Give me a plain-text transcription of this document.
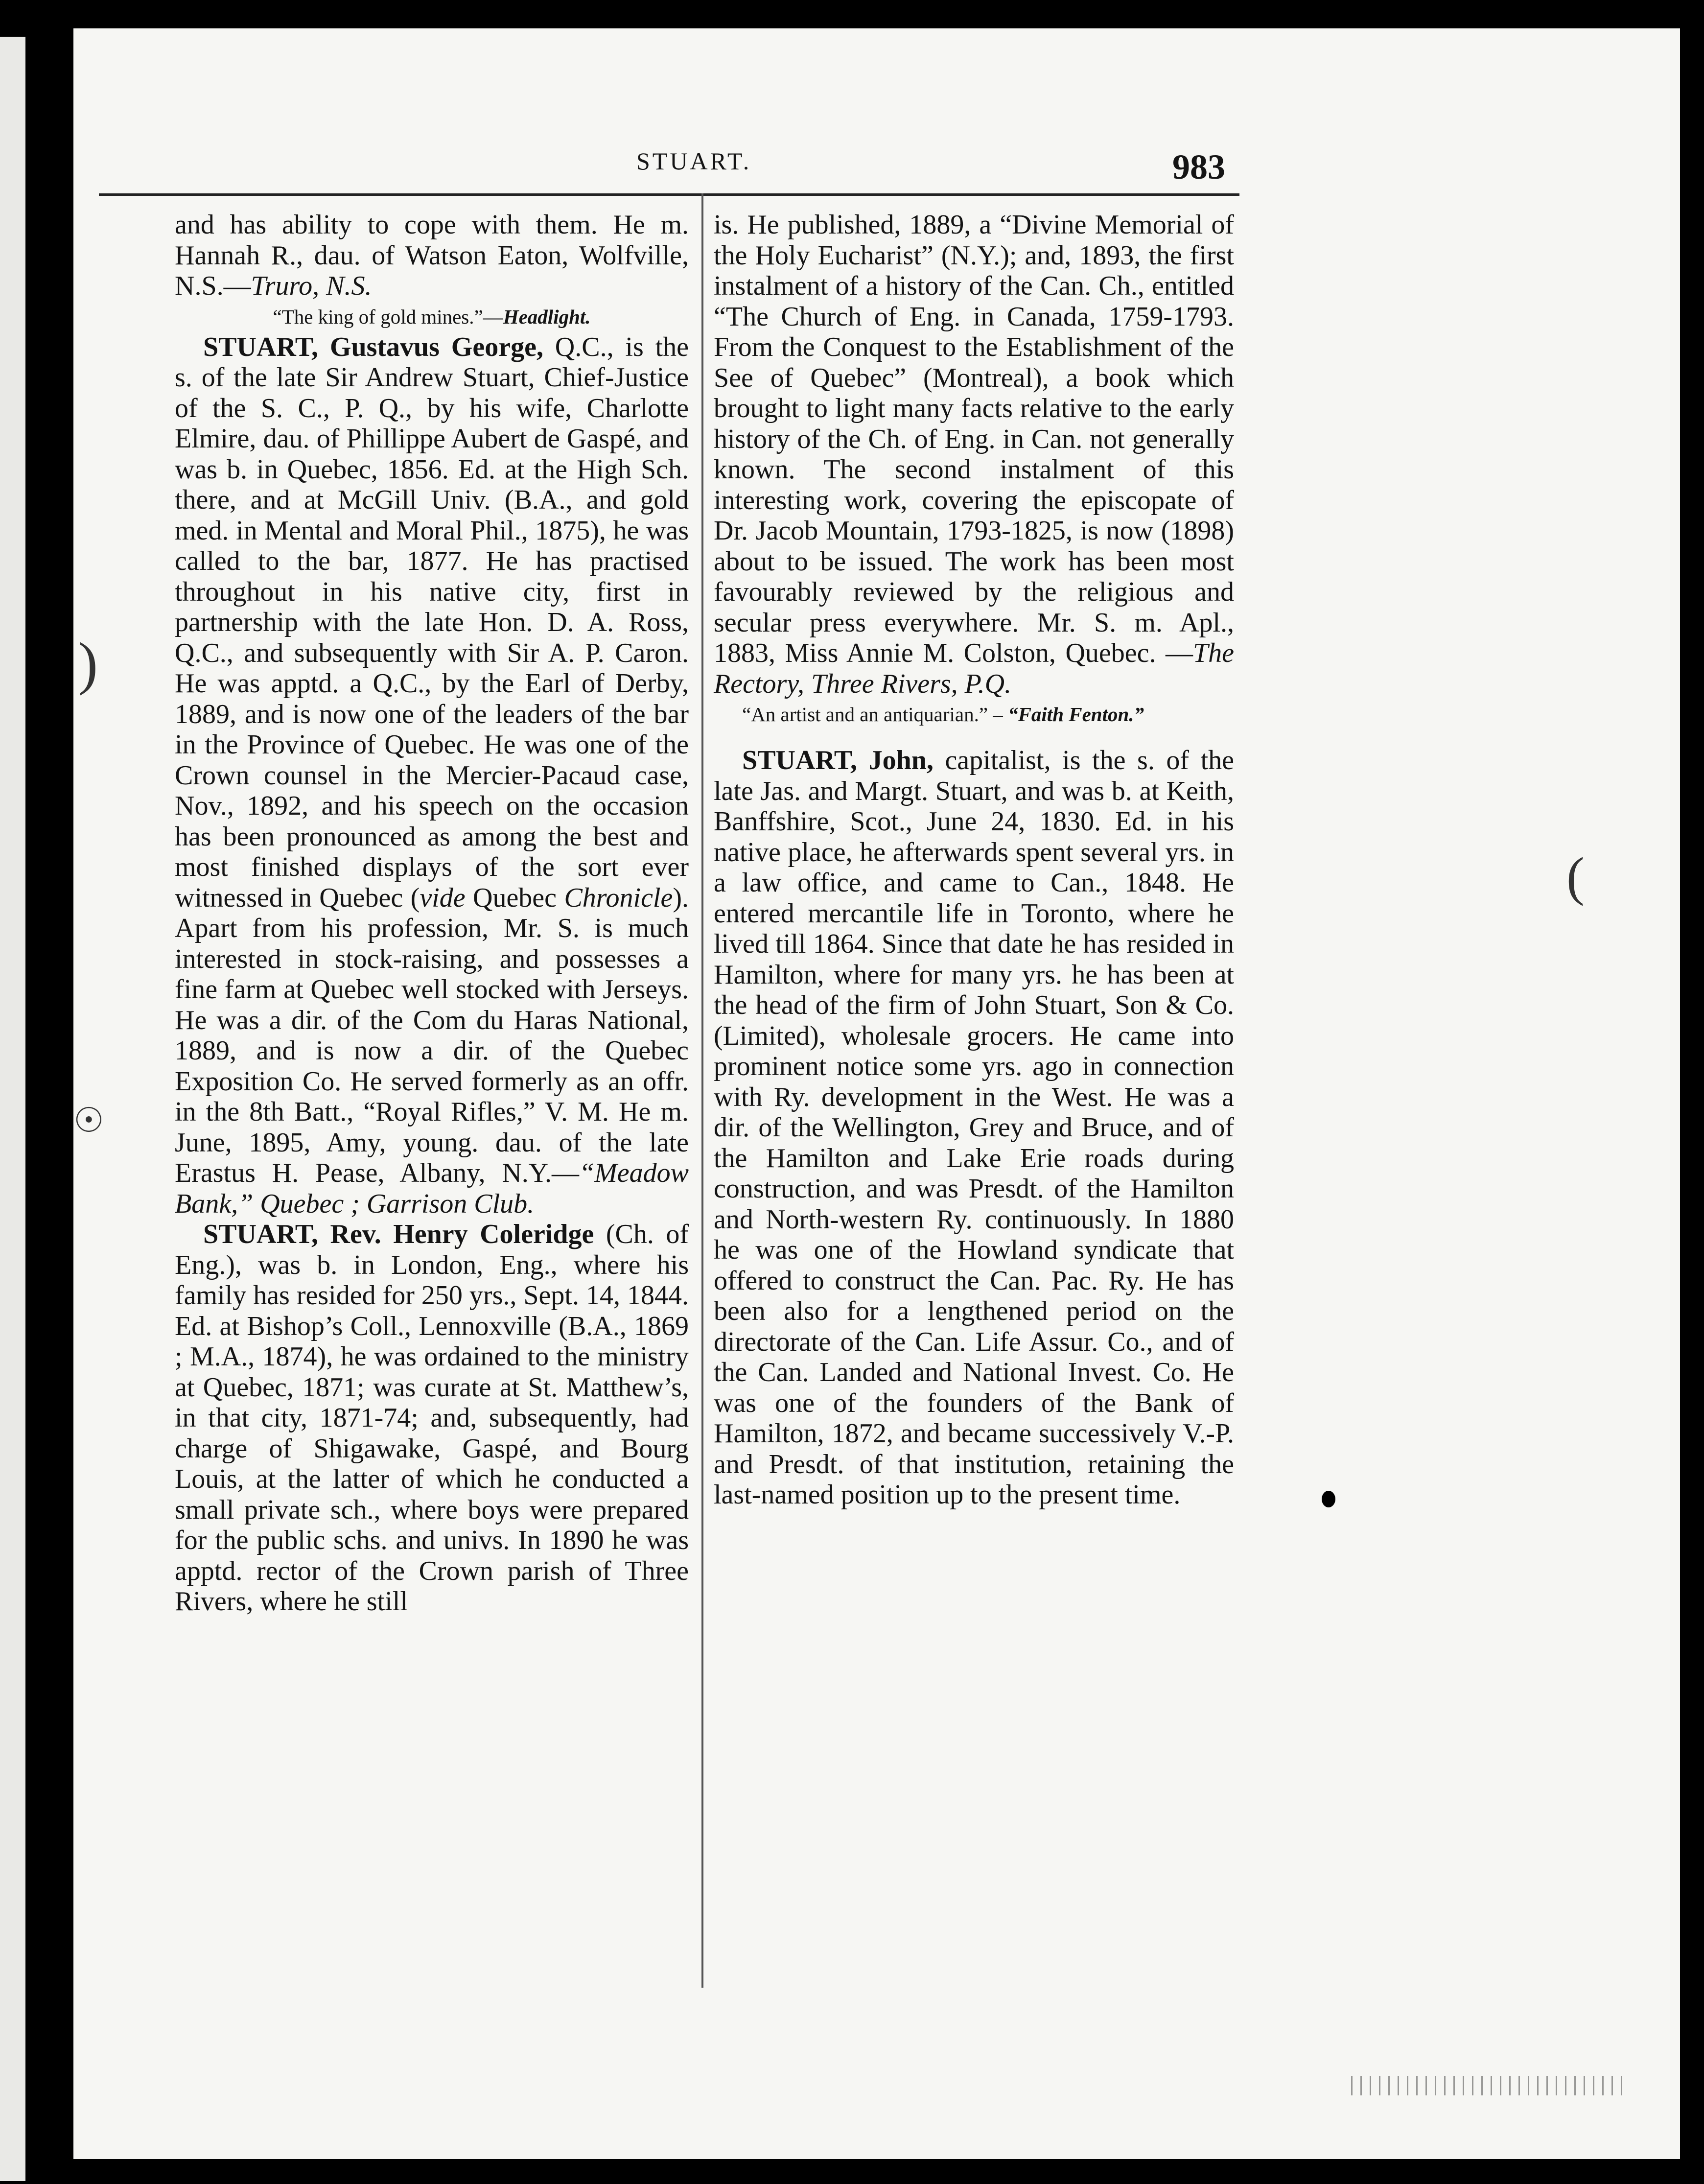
STUART.	983

and has ability to cope with them. He m. Hannah R., dau. of Watson Eaton, Wolfville, N.S.—Truro, N.S.

“The king of gold mines.”—Headlight.

STUART, Gustavus George, Q.C., is the s. of the late Sir Andrew Stuart, Chief-Justice of the S. C., P. Q., by his wife, Charlotte Elmire, dau. of Phillippe Aubert de Gaspé, and was b. in Quebec, 1856. Ed. at the High Sch. there, and at McGill Univ. (B.A., and gold med. in Mental and Moral Phil., 1875), he was called to the bar, 1877. He has practised throughout in his native city, first in partnership with the late Hon. D. A. Ross, Q.C., and subsequently with Sir A. P. Caron. He was apptd. a Q.C., by the Earl of Derby, 1889, and is now one of the leaders of the bar in the Province of Quebec. He was one of the Crown counsel in the Mercier-Pacaud case, Nov., 1892, and his speech on the occasion has been pronounced as among the best and most finished displays of the sort ever witnessed in Quebec (vide Quebec Chronicle). Apart from his profession, Mr. S. is much interested in stock-raising, and possesses a fine farm at Quebec well stocked with Jerseys. He was a dir. of the Com du Haras National, 1889, and is now a dir. of the Quebec Exposition Co. He served formerly as an offr. in the 8th Batt., “Royal Rifles,” V. M. He m. June, 1895, Amy, young. dau. of the late Erastus H. Pease, Albany, N.Y.—“Meadow Bank,” Quebec ; Garrison Club.

STUART, Rev. Henry Coleridge (Ch. of Eng.), was b. in London, Eng., where his family has resided for 250 yrs., Sept. 14, 1844. Ed. at Bishop’s Coll., Lennoxville (B.A., 1869 ; M.A., 1874), he was ordained to the ministry at Quebec, 1871; was curate at St. Matthew’s, in that city, 1871-74; and, subsequently, had charge of Shigawake, Gaspé, and Bourg Louis, at the latter of which he conducted a small private sch., where boys were prepared for the public schs. and univs. In 1890 he was apptd. rector of the Crown parish of Three Rivers, where he still

is. He published, 1889, a “Divine Memorial of the Holy Eucharist” (N.Y.); and, 1893, the first instalment of a history of the Can. Ch., entitled “The Church of Eng. in Canada, 1759-1793. From the Conquest to the Establishment of the See of Quebec” (Montreal), a book which brought to light many facts relative to the early history of the Ch. of Eng. in Can. not generally known. The second instalment of this interesting work, covering the episcopate of Dr. Jacob Mountain, 1793-1825, is now (1898) about to be issued. The work has been most favourably reviewed by the religious and secular press everywhere. Mr. S. m. Apl., 1883, Miss Annie M. Colston, Quebec. —The Rectory, Three Rivers, P.Q.

“An artist and an antiquarian.” – “Faith Fenton.”

STUART, John, capitalist, is the s. of the late Jas. and Margt. Stuart, and was b. at Keith, Banffshire, Scot., June 24, 1830. Ed. in his native place, he afterwards spent several yrs. in a law office, and came to Can., 1848. He entered mercantile life in Toronto, where he lived till 1864. Since that date he has resided in Hamilton, where for many yrs. he has been at the head of the firm of John Stuart, Son & Co. (Limited), wholesale grocers. He came into prominent notice some yrs. ago in connection with Ry. development in the West. He was a dir. of the Wellington, Grey and Bruce, and of the Hamilton and Lake Erie roads during construction, and was Presdt. of the Hamilton and North-western Ry. continuously. In 1880 he was one of the Howland syndicate that offered to construct the Can. Pac. Ry. He has been also for a lengthened period on the directorate of the Can. Life Assur. Co., and of the Can. Landed and National Invest. Co. He was one of the founders of the Bank of Hamilton, 1872, and became successively V.-P. and Presdt. of that institution, retaining the last-named position up to the present time.

)
☉
(
